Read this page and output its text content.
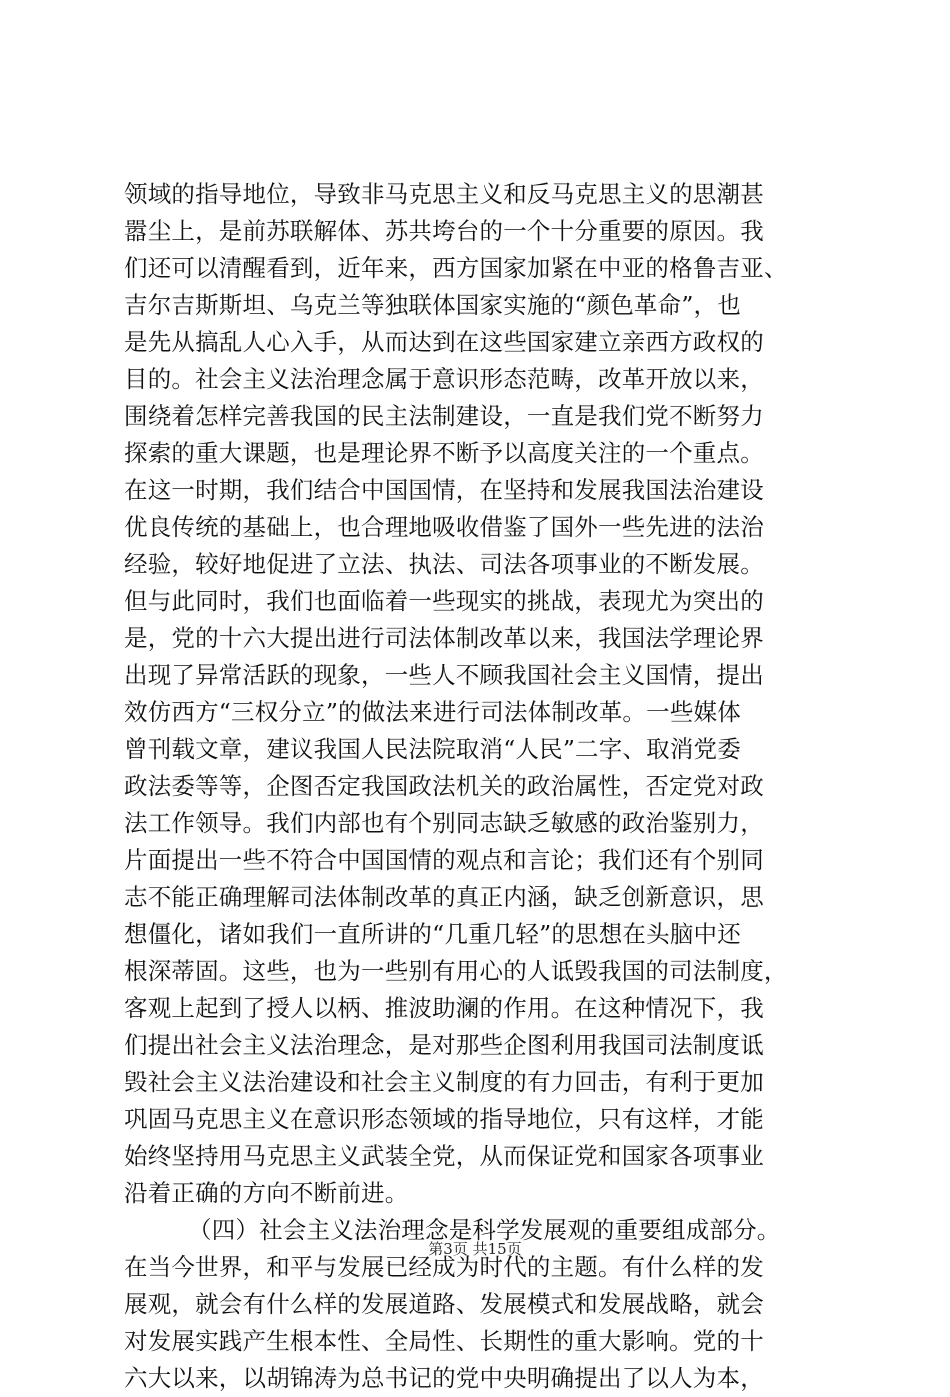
领域的指导地位，导致非马克思主义和反马克思主义的思潮甚
嚣尘上，是前苏联解体、苏共垮台的一个十分重要的原因。我
们还可以清醒看到，近年来，西方国家加紧在中亚的格鲁吉亚、
吉尔吉斯斯坦、乌克兰等独联体国家实施的“颜色革命”，也
是先从搞乱人心入手，从而达到在这些国家建立亲西方政权的
目的。社会主义法治理念属于意识形态范畴，改革开放以来，
围绕着怎样完善我国的民主法制建设，一直是我们党不断努力
探索的重大课题，也是理论界不断予以高度关注的一个重点。
在这一时期，我们结合中国国情，在坚持和发展我国法治建设
优良传统的基础上，也合理地吸收借鉴了国外一些先进的法治
经验，较好地促进了立法、执法、司法各项事业的不断发展。
但与此同时，我们也面临着一些现实的挑战，表现尤为突出的
是，党的十六大提出进行司法体制改革以来，我国法学理论界
出现了异常活跃的现象，一些人不顾我国社会主义国情，提出
效仿西方“三权分立”的做法来进行司法体制改革。一些媒体
曾刊载文章，建议我国人民法院取消“人民”二字、取消党委
政法委等等，企图否定我国政法机关的政治属性，否定党对政
法工作领导。我们内部也有个别同志缺乏敏感的政治鉴别力，
片面提出一些不符合中国国情的观点和言论；我们还有个别同
志不能正确理解司法体制改革的真正内涵，缺乏创新意识，思
想僵化，诸如我们一直所讲的“几重几轻”的思想在头脑中还
根深蒂固。这些，也为一些别有用心的人诋毁我国的司法制度，
客观上起到了授人以柄、推波助澜的作用。在这种情况下，我
们提出社会主义法治理念，是对那些企图利用我国司法制度诋
毁社会主义法治建设和社会主义制度的有力回击，有利于更加
巩固马克思主义在意识形态领域的指导地位，只有这样，才能
始终坚持用马克思主义武装全党，从而保证党和国家各项事业
沿着正确的方向不断前进。
（四）社会主义法治理念是科学发展观的重要组成部分。
在当今世界，和平与发展已经成为时代的主题。有什么样的发
展观，就会有什么样的发展道路、发展模式和发展战略，就会
对发展实践产生根本性、全局性、长期性的重大影响。党的十
六大以来，以胡锦涛为总书记的党中央明确提出了以人为本，
第3页 共15页
